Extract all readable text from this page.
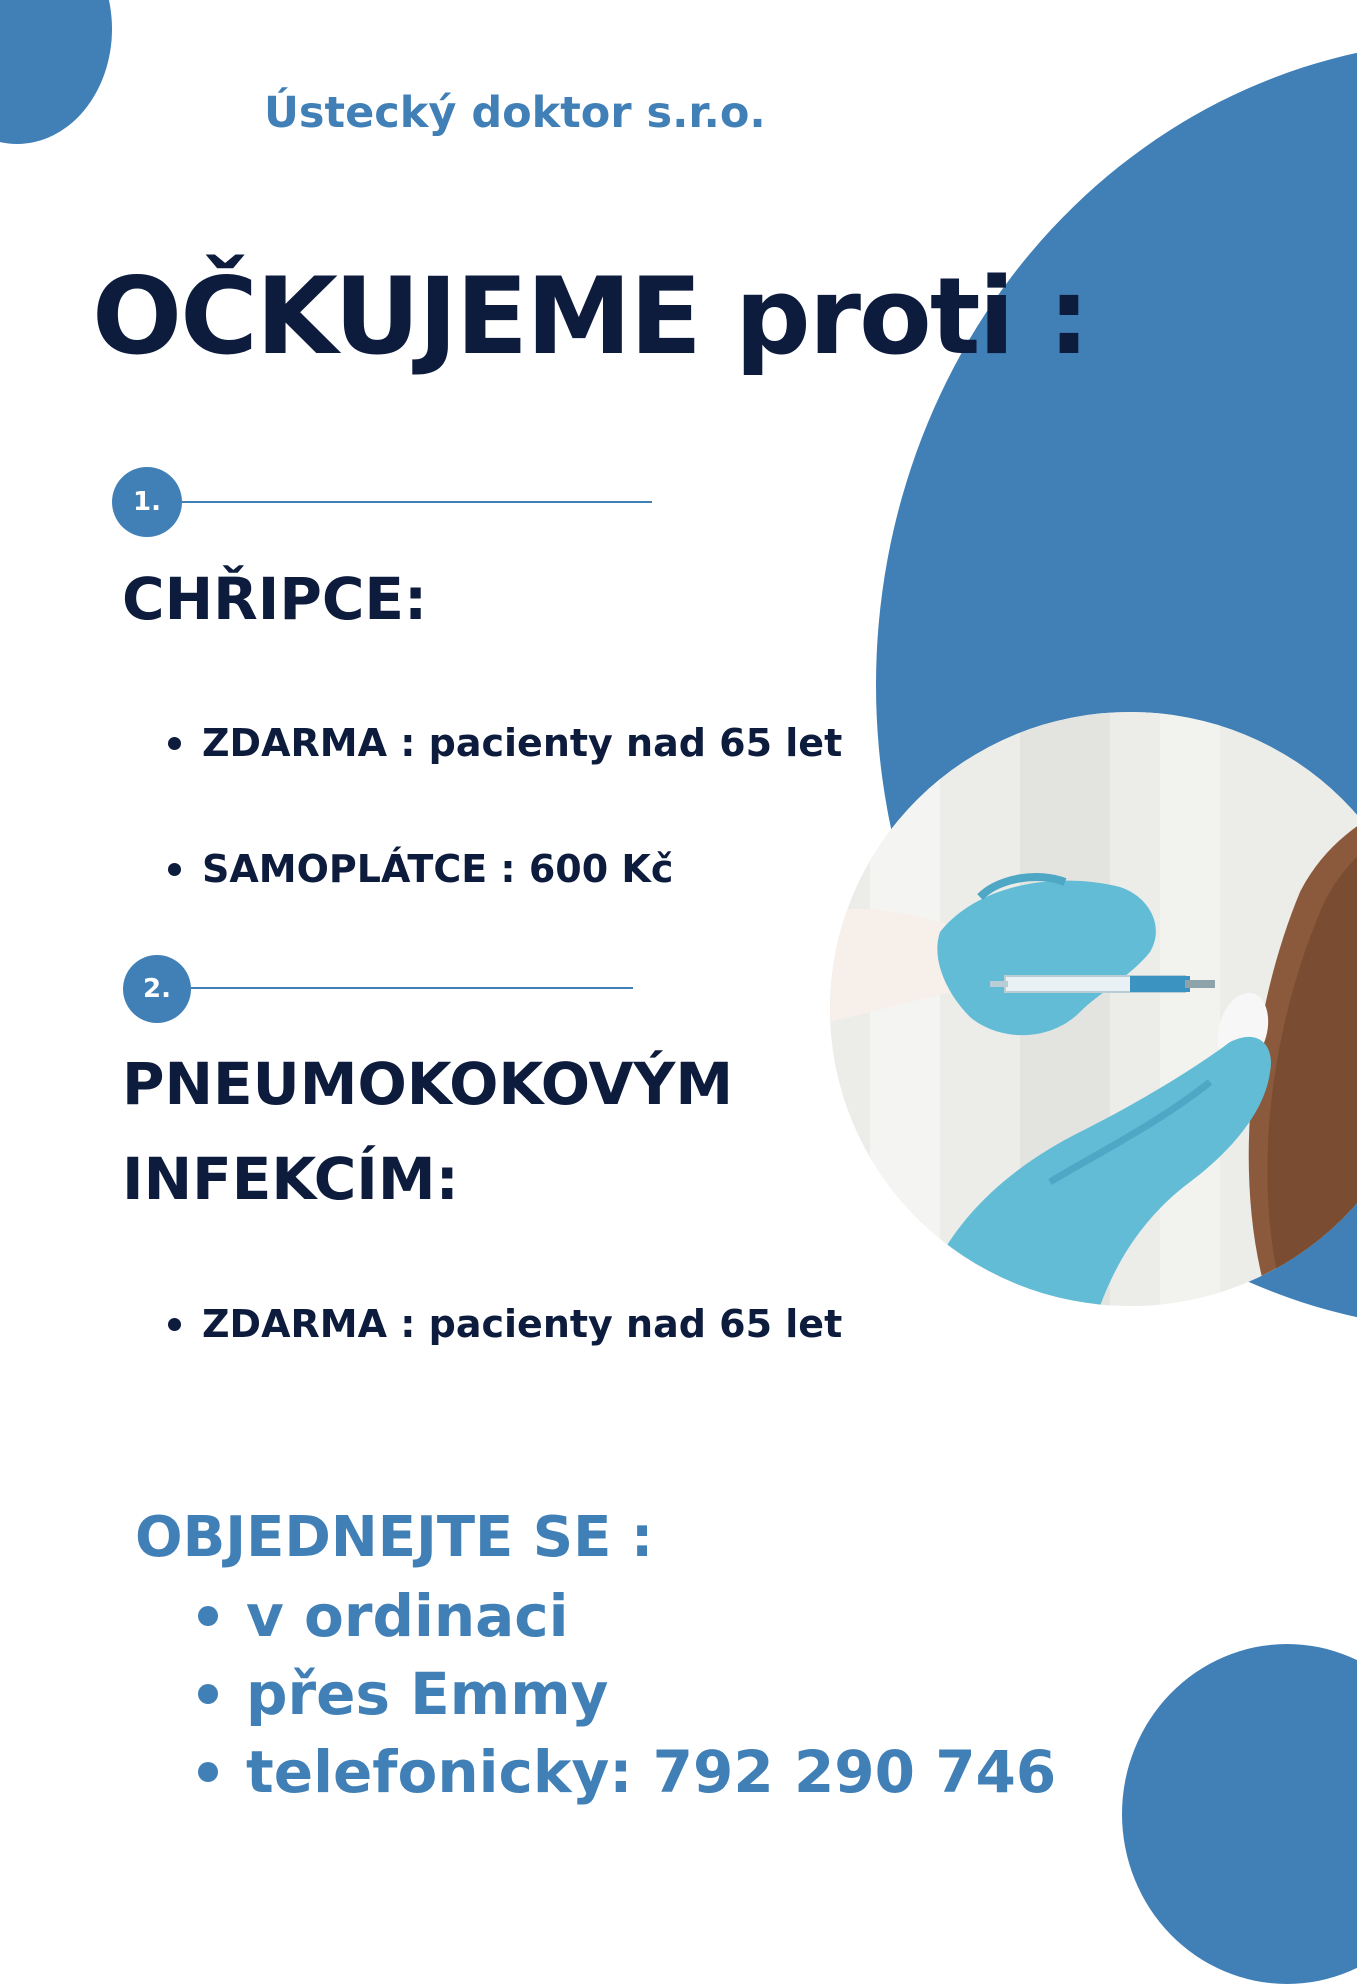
Ústecký doktor s.r.o.
OČKUJEME proti :
1.
CHŘIPCE:
ZDARMA : pacienty nad 65 let
SAMOPLÁTCE : 600 Kč
2.
PNEUMOKOKOVÝM
INFEKCÍM:
ZDARMA : pacienty nad 65 let
OBJEDNEJTE SE :
v ordinaci
přes Emmy
telefonicky: 792 290 746
